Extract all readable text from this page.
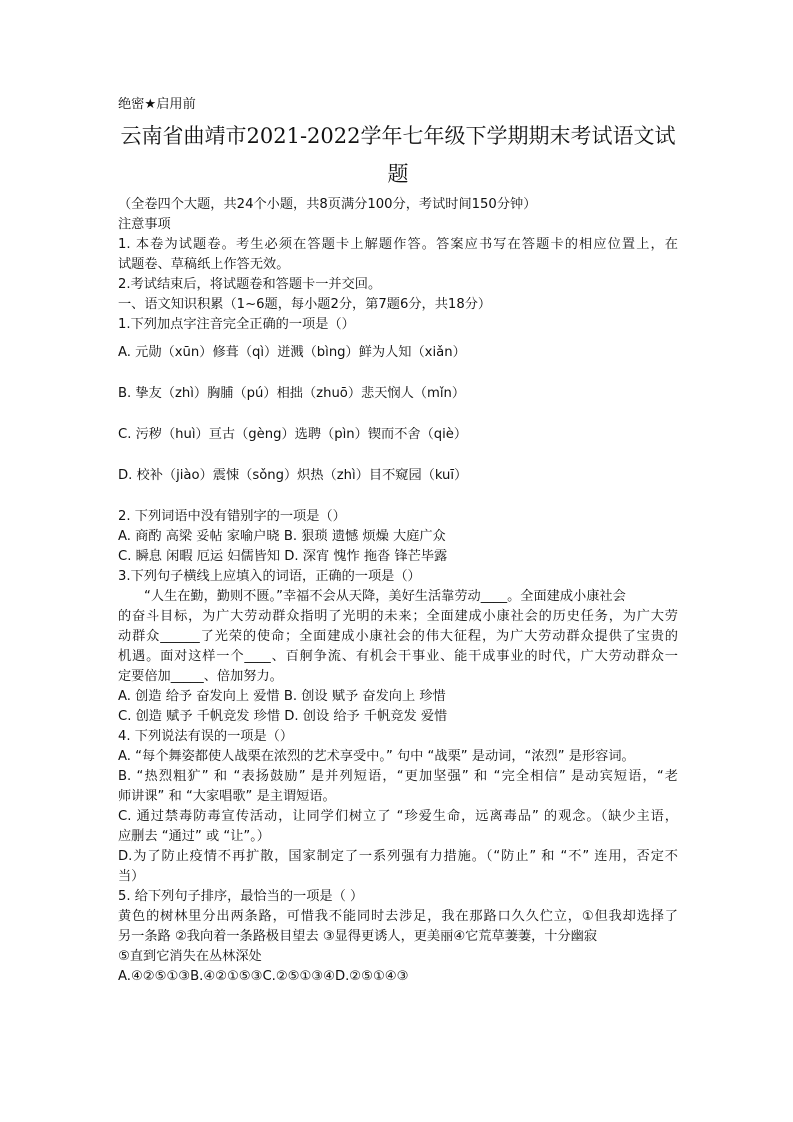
绝密★启用前
云南省曲靖市2021-2022学年七年级下学期期末考试语文试
题
（全卷四个大题，共24个小题，共8页满分100分，考试时间150分钟）
注意事项
1. 本卷为试题卷。考生必须在答题卡上解题作答。答案应书写在答题卡的相应位置上，在
试题卷、草稿纸上作答无效。
2.考试结束后，将试题卷和答题卡一并交回。
一、语文知识积累（1~6题，每小题2分，第7题6分，共18分）
1.下列加点字注音完全正确的一项是（）
A. 元勋（xūn）修葺（qì）迸溅（bìng）鲜为人知（xiǎn）
B. 挚友（zhì）胸脯（pú）相拙（zhuō）悲天悯人（mǐn）
C. 污秽（huì）亘古（gèng）选聘（pìn）锲而不舍（qiè）
D. 校补（jiào）震悚（sǒng）炽热（zhì）目不窥园（kuī）
2. 下列词语中没有错别字的一项是（）
A. 商酌 高梁 妥帖 家喻户晓 B. 狠琐 遗憾 烦燥 大庭广众
C. 瞬息 闲暇 厄运 妇儒皆知 D. 深宵 愧怍 拖沓 锋芒毕露
3.下列句子横线上应填入的词语，正确的一项是（）
“人生在勤，勤则不匮。”幸福不会从天降，美好生活靠劳动____。全面建成小康社会
的奋斗目标，为广大劳动群众指明了光明的未来；全面建成小康社会的历史任务，为广大劳
动群众______了光荣的使命；全面建成小康社会的伟大征程，为广大劳动群众提供了宝贵的
机遇。面对这样一个____、百舸争流、有机会干事业、能干成事业的时代，广大劳动群众一
定要倍加_____、倍加努力。
A. 创造 给予 奋发向上 爱惜 B. 创设 赋予 奋发向上 珍惜
C. 创造 赋予 千帆竞发 珍惜 D. 创设 给予 千帆竞发 爱惜
4. 下列说法有误的一项是（）
A. “每个舞姿都使人战栗在浓烈的艺术享受中。” 句中 “战栗” 是动词，“浓烈” 是形容词。
B. “热烈粗犷” 和 “表扬鼓励” 是并列短语，“更加坚强” 和 “完全相信” 是动宾短语，“老
师讲课” 和 “大家唱歌” 是主谓短语。
C. 通过禁毒防毒宣传活动，让同学们树立了 “珍爱生命，远离毒品” 的观念。（缺少主语，
应删去 “通过” 或 “让”。）
D.为了防止疫情不再扩散，国家制定了一系列强有力措施。（“防止” 和 “不” 连用，否定不
当）
5. 给下列句子排序，最恰当的一项是（ ）
黄色的树林里分出两条路，可惜我不能同时去涉足，我在那路口久久伫立，①但我却选择了
另一条路 ②我向着一条路极目望去 ③显得更诱人，更美丽④它荒草萋萋，十分幽寂
⑤直到它消失在丛林深处
A.④②⑤①③B.④②①⑤③C.②⑤①③④D.②⑤①④③
